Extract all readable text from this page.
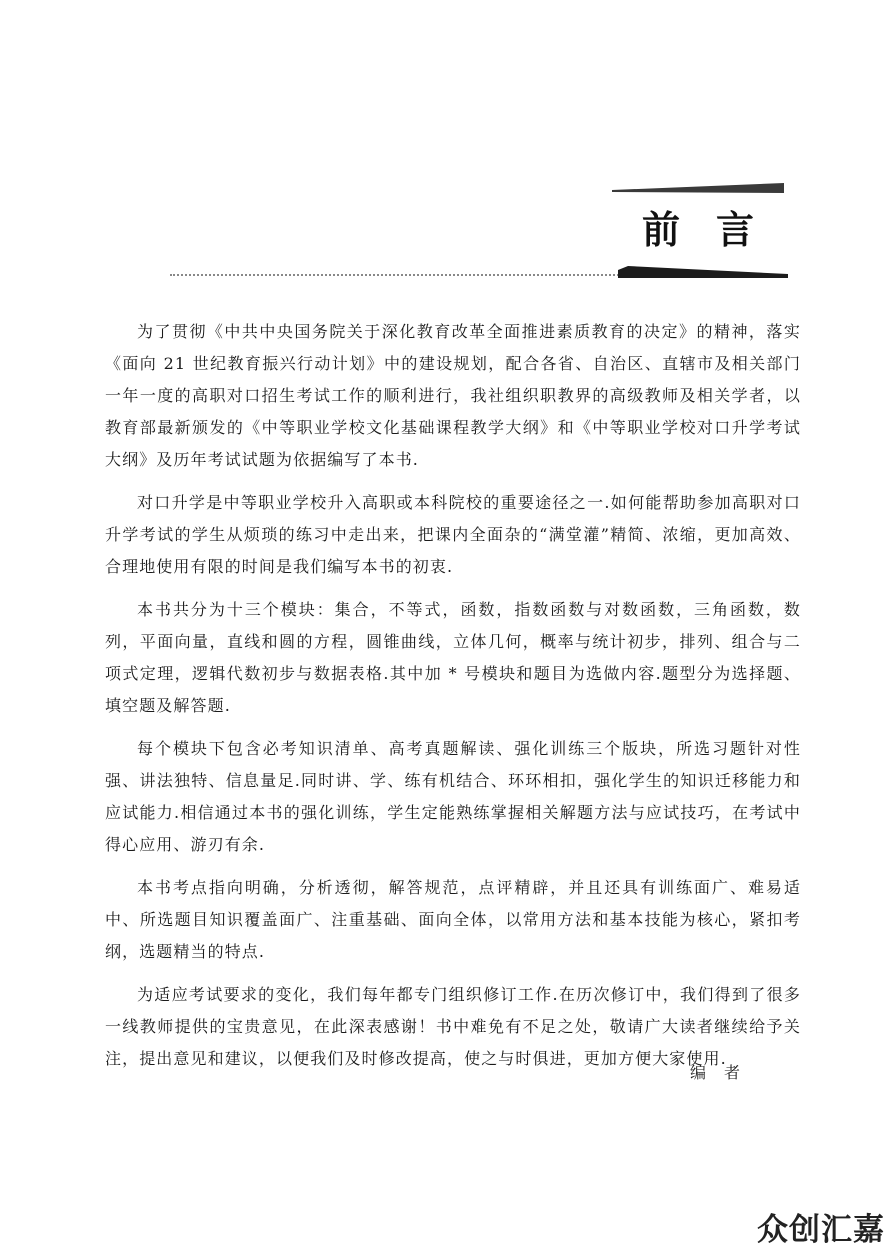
前言

为了贯彻《中共中央国务院关于深化教育改革全面推进素质教育的决定》的精神，落实《面向 21 世纪教育振兴行动计划》中的建设规划，配合各省、自治区、直辖市及相关部门一年一度的高职对口招生考试工作的顺利进行，我社组织职教界的高级教师及相关学者，以教育部最新颁发的《中等职业学校文化基础课程教学大纲》和《中等职业学校对口升学考试大纲》及历年考试试题为依据编写了本书.

对口升学是中等职业学校升入高职或本科院校的重要途径之一.如何能帮助参加高职对口升学考试的学生从烦琐的练习中走出来，把课内全面杂的“满堂灌”精简、浓缩，更加高效、合理地使用有限的时间是我们编写本书的初衷.

本书共分为十三个模块：集合，不等式，函数，指数函数与对数函数，三角函数，数列，平面向量，直线和圆的方程，圆锥曲线，立体几何，概率与统计初步，排列、组合与二项式定理，逻辑代数初步与数据表格.其中加 * 号模块和题目为选做内容.题型分为选择题、填空题及解答题.

每个模块下包含必考知识清单、高考真题解读、强化训练三个版块，所选习题针对性强、讲法独特、信息量足.同时讲、学、练有机结合、环环相扣，强化学生的知识迁移能力和应试能力.相信通过本书的强化训练，学生定能熟练掌握相关解题方法与应试技巧，在考试中得心应用、游刃有余.

本书考点指向明确，分析透彻，解答规范，点评精辟，并且还具有训练面广、难易适中、所选题目知识覆盖面广、注重基础、面向全体，以常用方法和基本技能为核心，紧扣考纲，选题精当的特点.

为适应考试要求的变化，我们每年都专门组织修订工作.在历次修订中，我们得到了很多一线教师提供的宝贵意见，在此深表感谢！书中难免有不足之处，敬请广大读者继续给予关注，提出意见和建议，以便我们及时修改提高，使之与时俱进，更加方便大家使用.

编者
众创汇嘉
